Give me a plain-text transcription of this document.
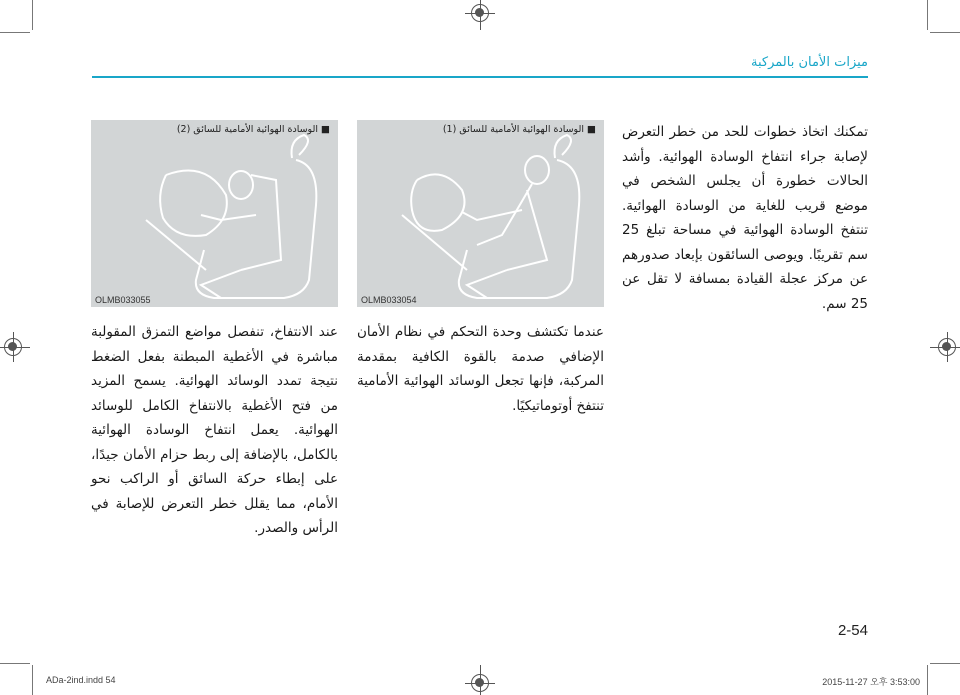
ميزات الأمان بالمركبة
ﺗﻤﻜﻨﻚ اﺗﺨﺎذ ﺧﻄﻮات ﻟﻠﺤﺪ ﻣﻦ ﺧﻄﺮ اﻟﺘﻌﺮض ﻹﺻﺎﺑﺔ ﺟﺮاء اﻧﺘﻔﺎخ اﻟﻮﺳﺎدة اﻟﻬﻮاﺋﻴﺔ. وأﺷﺪ اﻟﺤﺎﻻت ﺧﻄﻮرة أن ﻳﺠﻠﺲ اﻟﺸﺨﺺ ﻓﻲ ﻣﻮﺿﻊ ﻗﺮﻳﺐ ﻟﻠﻐﺎﻳﺔ ﻣﻦ اﻟﻮﺳﺎدة اﻟﻬﻮاﺋﻴﺔ. ﺗﻨﺘﻔﺦ اﻟﻮﺳﺎدة اﻟﻬﻮاﺋﻴﺔ ﻓﻲ ﻣﺴﺎﺣﺔ ﺗﺒﻠﻎ 25 ﺳﻢ ﺗﻘﺮﻳﺒًﺎ. وﻳﻮﺻﻰ اﻟﺴﺎﺋﻘﻮن بإﺑﻌﺎد ﺻﺪورﻫﻢ ﻋﻦ ﻣﺮﻛﺰ ﻋﺠﻠﺔ اﻟﻘﻴﺎدة ﺑﻤﺴﺎﻓﺔ ﻻ ﺗﻘﻞ ﻋﻦ 25 ﺳﻢ.
■ اﻟﻮﺳﺎدة اﻟﻬﻮاﺋﻴﺔ اﻷﻣﺎﻣﻴﺔ ﻟﻠﺴﺎﺋﻖ (1)
OLMB033054
■ اﻟﻮﺳﺎدة اﻟﻬﻮاﺋﻴﺔ اﻷﻣﺎﻣﻴﺔ ﻟﻠﺴﺎﺋﻖ (2)
OLMB033055
ﻋﻨﺪﻣﺎ ﺗﻜﺘﺸﻒ وﺣﺪة اﻟﺘﺤﻜﻢ ﻓﻲ ﻧﻈﺎم اﻷﻣﺎن اﻹﺿﺎﻓﻲ ﺻﺪﻣﺔ ﺑﺎﻟﻘﻮة اﻟﻜﺎﻓﻴﺔ ﺑﻤﻘﺪﻣﺔ اﻟﻤﺮﻛﺒﺔ، ﻓﺈﻧﻬﺎ ﺗﺠﻌﻞ اﻟﻮﺳﺎﺋﺪ اﻟﻬﻮاﺋﻴﺔ اﻷﻣﺎﻣﻴﺔ ﺗﻨﺘﻔﺦ أوﺗﻮﻣﺎﺗﻴﻜﻴًﺎ.
ﻋﻨﺪ اﻻﻧﺘﻔﺎخ، ﺗﻨﻔﺼﻞ ﻣﻮاﺿﻊ اﻟﺘﻤﺰق اﻟﻤﻘﻮﻟﺒﺔ ﻣﺒﺎﺷﺮة ﻓﻲ اﻷﻏﻄﻴﺔ اﻟﻤﺒﻄﻨﺔ ﺑﻔﻌﻞ اﻟﻀﻐﻂ ﻧﺘﻴﺠﺔ ﺗﻤﺪد اﻟﻮﺳﺎﺋﺪ اﻟﻬﻮاﺋﻴﺔ. ﻳﺴﻤﺢ اﻟﻤﺰﻳﺪ ﻣﻦ ﻓﺘﺢ اﻷﻏﻄﻴﺔ ﺑﺎﻻﻧﺘﻔﺎخ اﻟﻜﺎﻣﻞ ﻟﻠﻮﺳﺎﺋﺪ اﻟﻬﻮاﺋﻴﺔ. ﻳﻌﻤﻞ اﻧﺘﻔﺎخ اﻟﻮﺳﺎدة اﻟﻬﻮاﺋﻴﺔ ﺑﺎﻟﻜﺎﻣﻞ، ﺑﺎﻹﺿﺎﻓﺔ إﻟﻰ رﺑﻂ ﺣﺰام اﻷﻣﺎن ﺟﻴﺪًا، ﻋﻠﻰ إﺑﻄﺎء ﺣﺮﻛﺔ اﻟﺴﺎﺋﻖ أو اﻟﺮاﻛﺐ ﻧﺤﻮ اﻷﻣﺎم، ﻣﻤﺎ ﻳﻘﻠﻞ ﺧﻄﺮ اﻟﺘﻌﺮض ﻟﻺﺻﺎﺑﺔ ﻓﻲ اﻟﺮأس واﻟﺼﺪر.
2-54
ADa-2ind.indd 54	2015-11-27 오후 3:53:00
